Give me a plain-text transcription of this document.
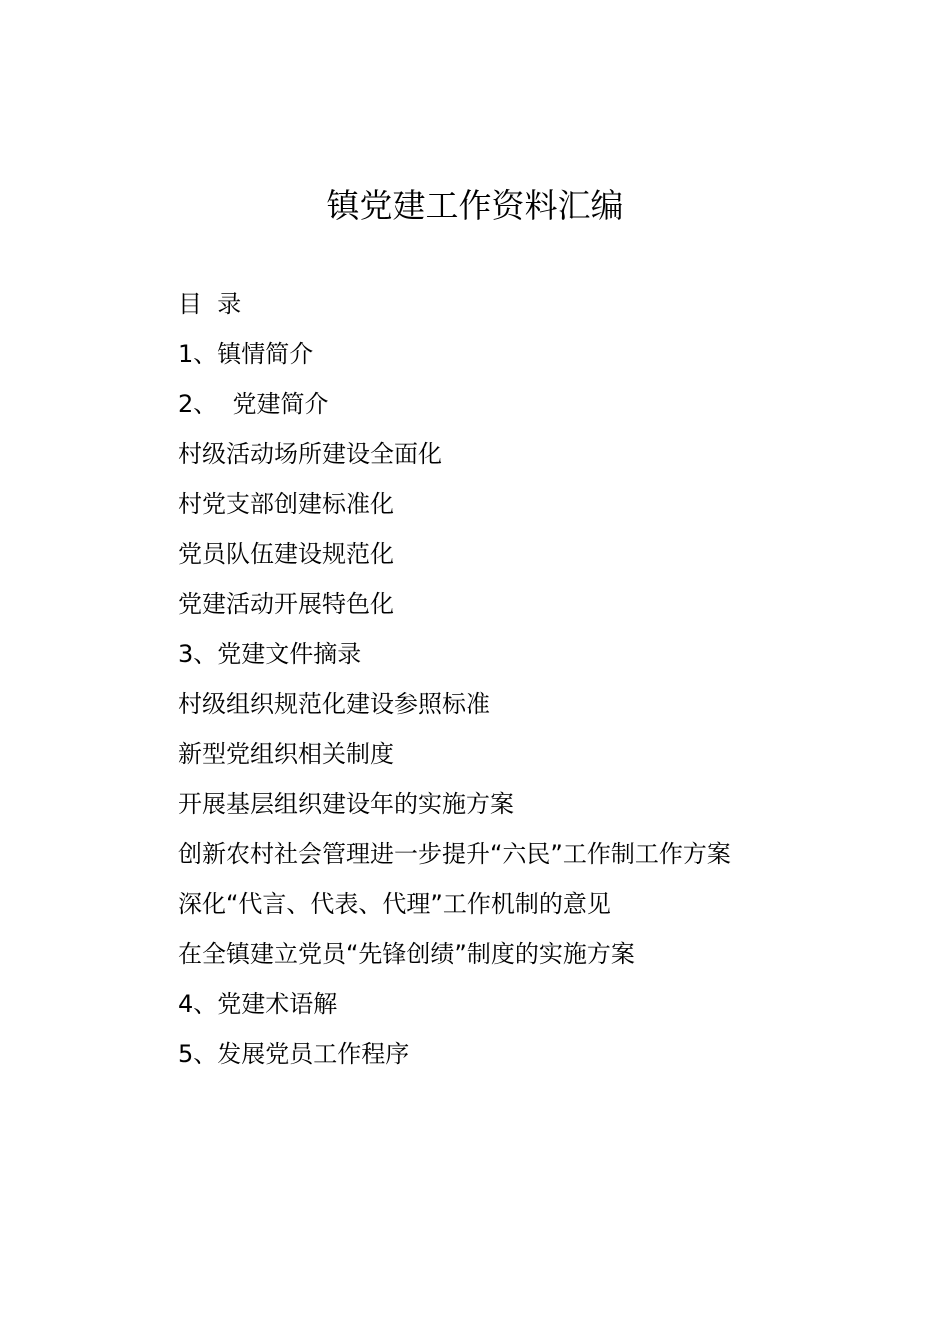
镇党建工作资料汇编
目  录
1、镇情简介
2、  党建简介
村级活动场所建设全面化
村党支部创建标准化
党员队伍建设规范化
党建活动开展特色化
3、党建文件摘录
村级组织规范化建设参照标准
新型党组织相关制度
开展基层组织建设年的实施方案
创新农村社会管理进一步提升“六民”工作制工作方案
深化“代言、代表、代理”工作机制的意见
在全镇建立党员“先锋创绩”制度的实施方案
4、党建术语解
5、发展党员工作程序
